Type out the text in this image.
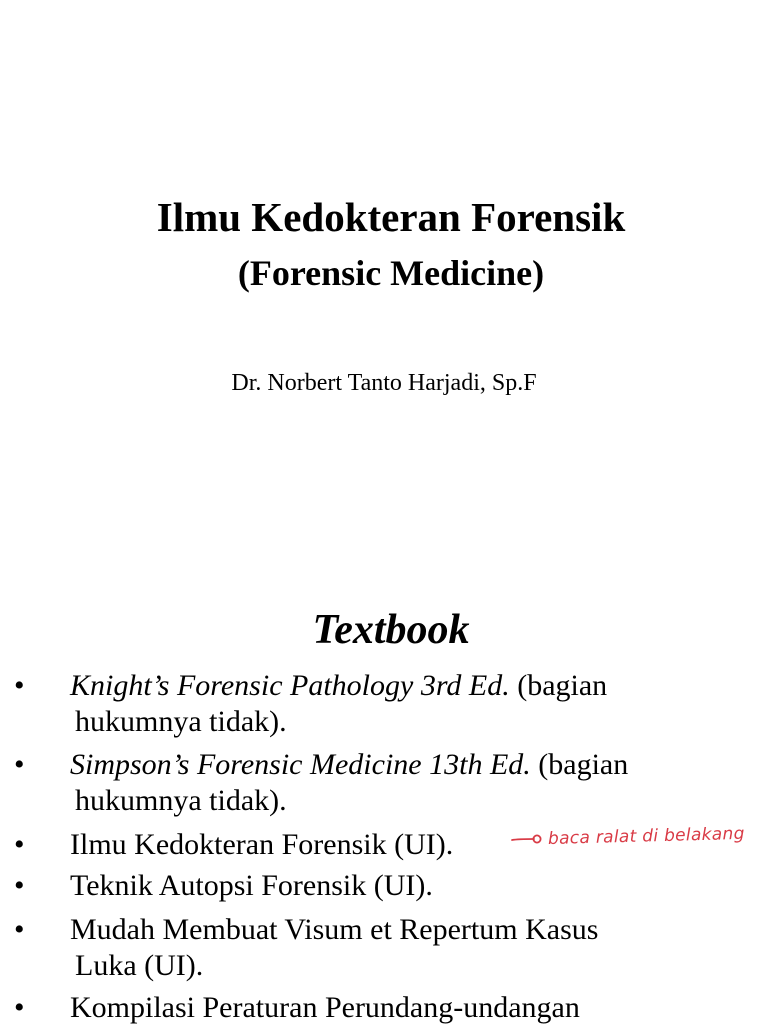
Ilmu Kedokteran Forensik
(Forensic Medicine)

Dr. Norbert Tanto Harjadi, Sp.F

Textbook
• Knight’s Forensic Pathology 3rd Ed. (bagian
hukumnya tidak).
• Simpson’s Forensic Medicine 13th Ed. (bagian
hukumnya tidak).
• Ilmu Kedokteran Forensik (UI).
• Teknik Autopsi Forensik (UI).
• Mudah Membuat Visum et Repertum Kasus
Luka (UI).
• Kompilasi Peraturan Perundang-undangan
baca ralat di belakang
